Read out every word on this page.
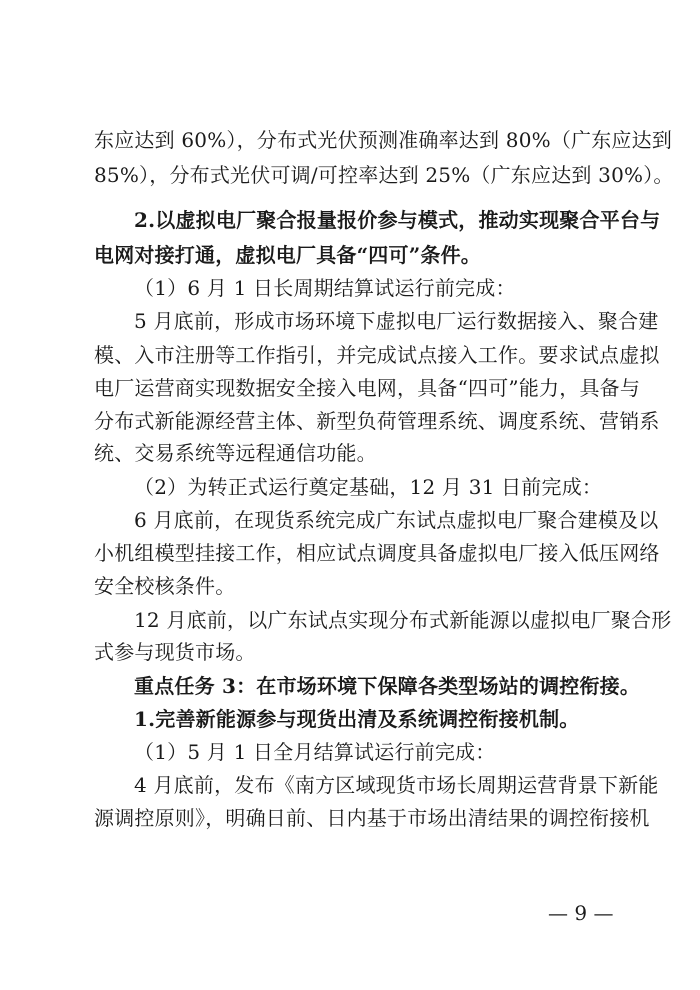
东应达到 60%），分布式光伏预测准确率达到 80%（广东应达到
85%），分布式光伏可调/可控率达到 25%（广东应达到 30%）。
2.以虚拟电厂聚合报量报价参与模式，推动实现聚合平台与
电网对接打通，虚拟电厂具备“四可”条件。
（1）6 月 1 日长周期结算试运行前完成：
5 月底前，形成市场环境下虚拟电厂运行数据接入、聚合建
模、入市注册等工作指引，并完成试点接入工作。要求试点虚拟
电厂运营商实现数据安全接入电网，具备“四可”能力，具备与
分布式新能源经营主体、新型负荷管理系统、调度系统、营销系
统、交易系统等远程通信功能。
（2）为转正式运行奠定基础，12 月 31 日前完成：
6 月底前，在现货系统完成广东试点虚拟电厂聚合建模及以
小机组模型挂接工作，相应试点调度具备虚拟电厂接入低压网络
安全校核条件。
12 月底前，以广东试点实现分布式新能源以虚拟电厂聚合形
式参与现货市场。
重点任务 3：在市场环境下保障各类型场站的调控衔接。
1.完善新能源参与现货出清及系统调控衔接机制。
（1）5 月 1 日全月结算试运行前完成：
4 月底前，发布《南方区域现货市场长周期运营背景下新能
源调控原则》，明确日前、日内基于市场出清结果的调控衔接机
— 9 —
